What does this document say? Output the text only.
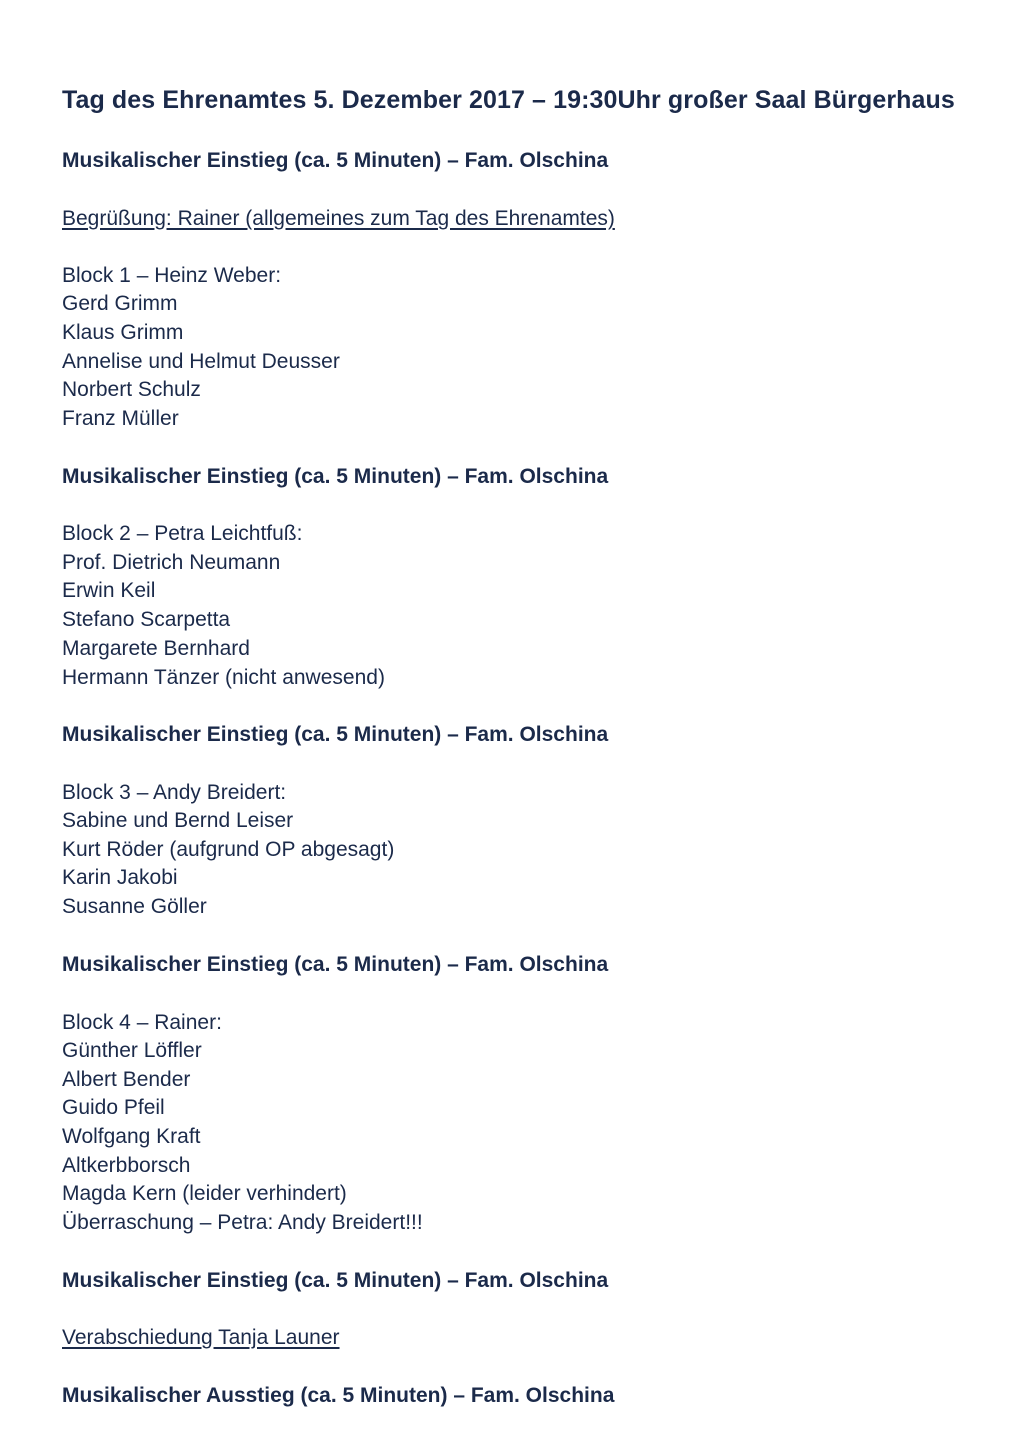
Tag des Ehrenamtes 5. Dezember 2017 – 19:30Uhr großer Saal Bürgerhaus

Musikalischer Einstieg (ca. 5 Minuten) – Fam. Olschina

Begrüßung: Rainer (allgemeines zum Tag des Ehrenamtes)

Block 1 – Heinz Weber:

Gerd Grimm

Klaus Grimm

Annelise und Helmut Deusser

Norbert Schulz

Franz Müller

Musikalischer Einstieg (ca. 5 Minuten) – Fam. Olschina

Block 2 – Petra Leichtfuß:

Prof. Dietrich Neumann

Erwin Keil

Stefano Scarpetta

Margarete Bernhard

Hermann Tänzer (nicht anwesend)

Musikalischer Einstieg (ca. 5 Minuten) – Fam. Olschina

Block 3 – Andy Breidert:

Sabine und Bernd Leiser

Kurt Röder (aufgrund OP abgesagt)

Karin Jakobi

Susanne Göller

Musikalischer Einstieg (ca. 5 Minuten) – Fam. Olschina

Block 4 – Rainer:

Günther Löffler

Albert Bender

Guido Pfeil

Wolfgang Kraft

Altkerbborsch

Magda Kern (leider verhindert)

Überraschung – Petra: Andy Breidert!!!

Musikalischer Einstieg (ca. 5 Minuten) – Fam. Olschina

Verabschiedung Tanja Launer

Musikalischer Ausstieg (ca. 5 Minuten) – Fam. Olschina
